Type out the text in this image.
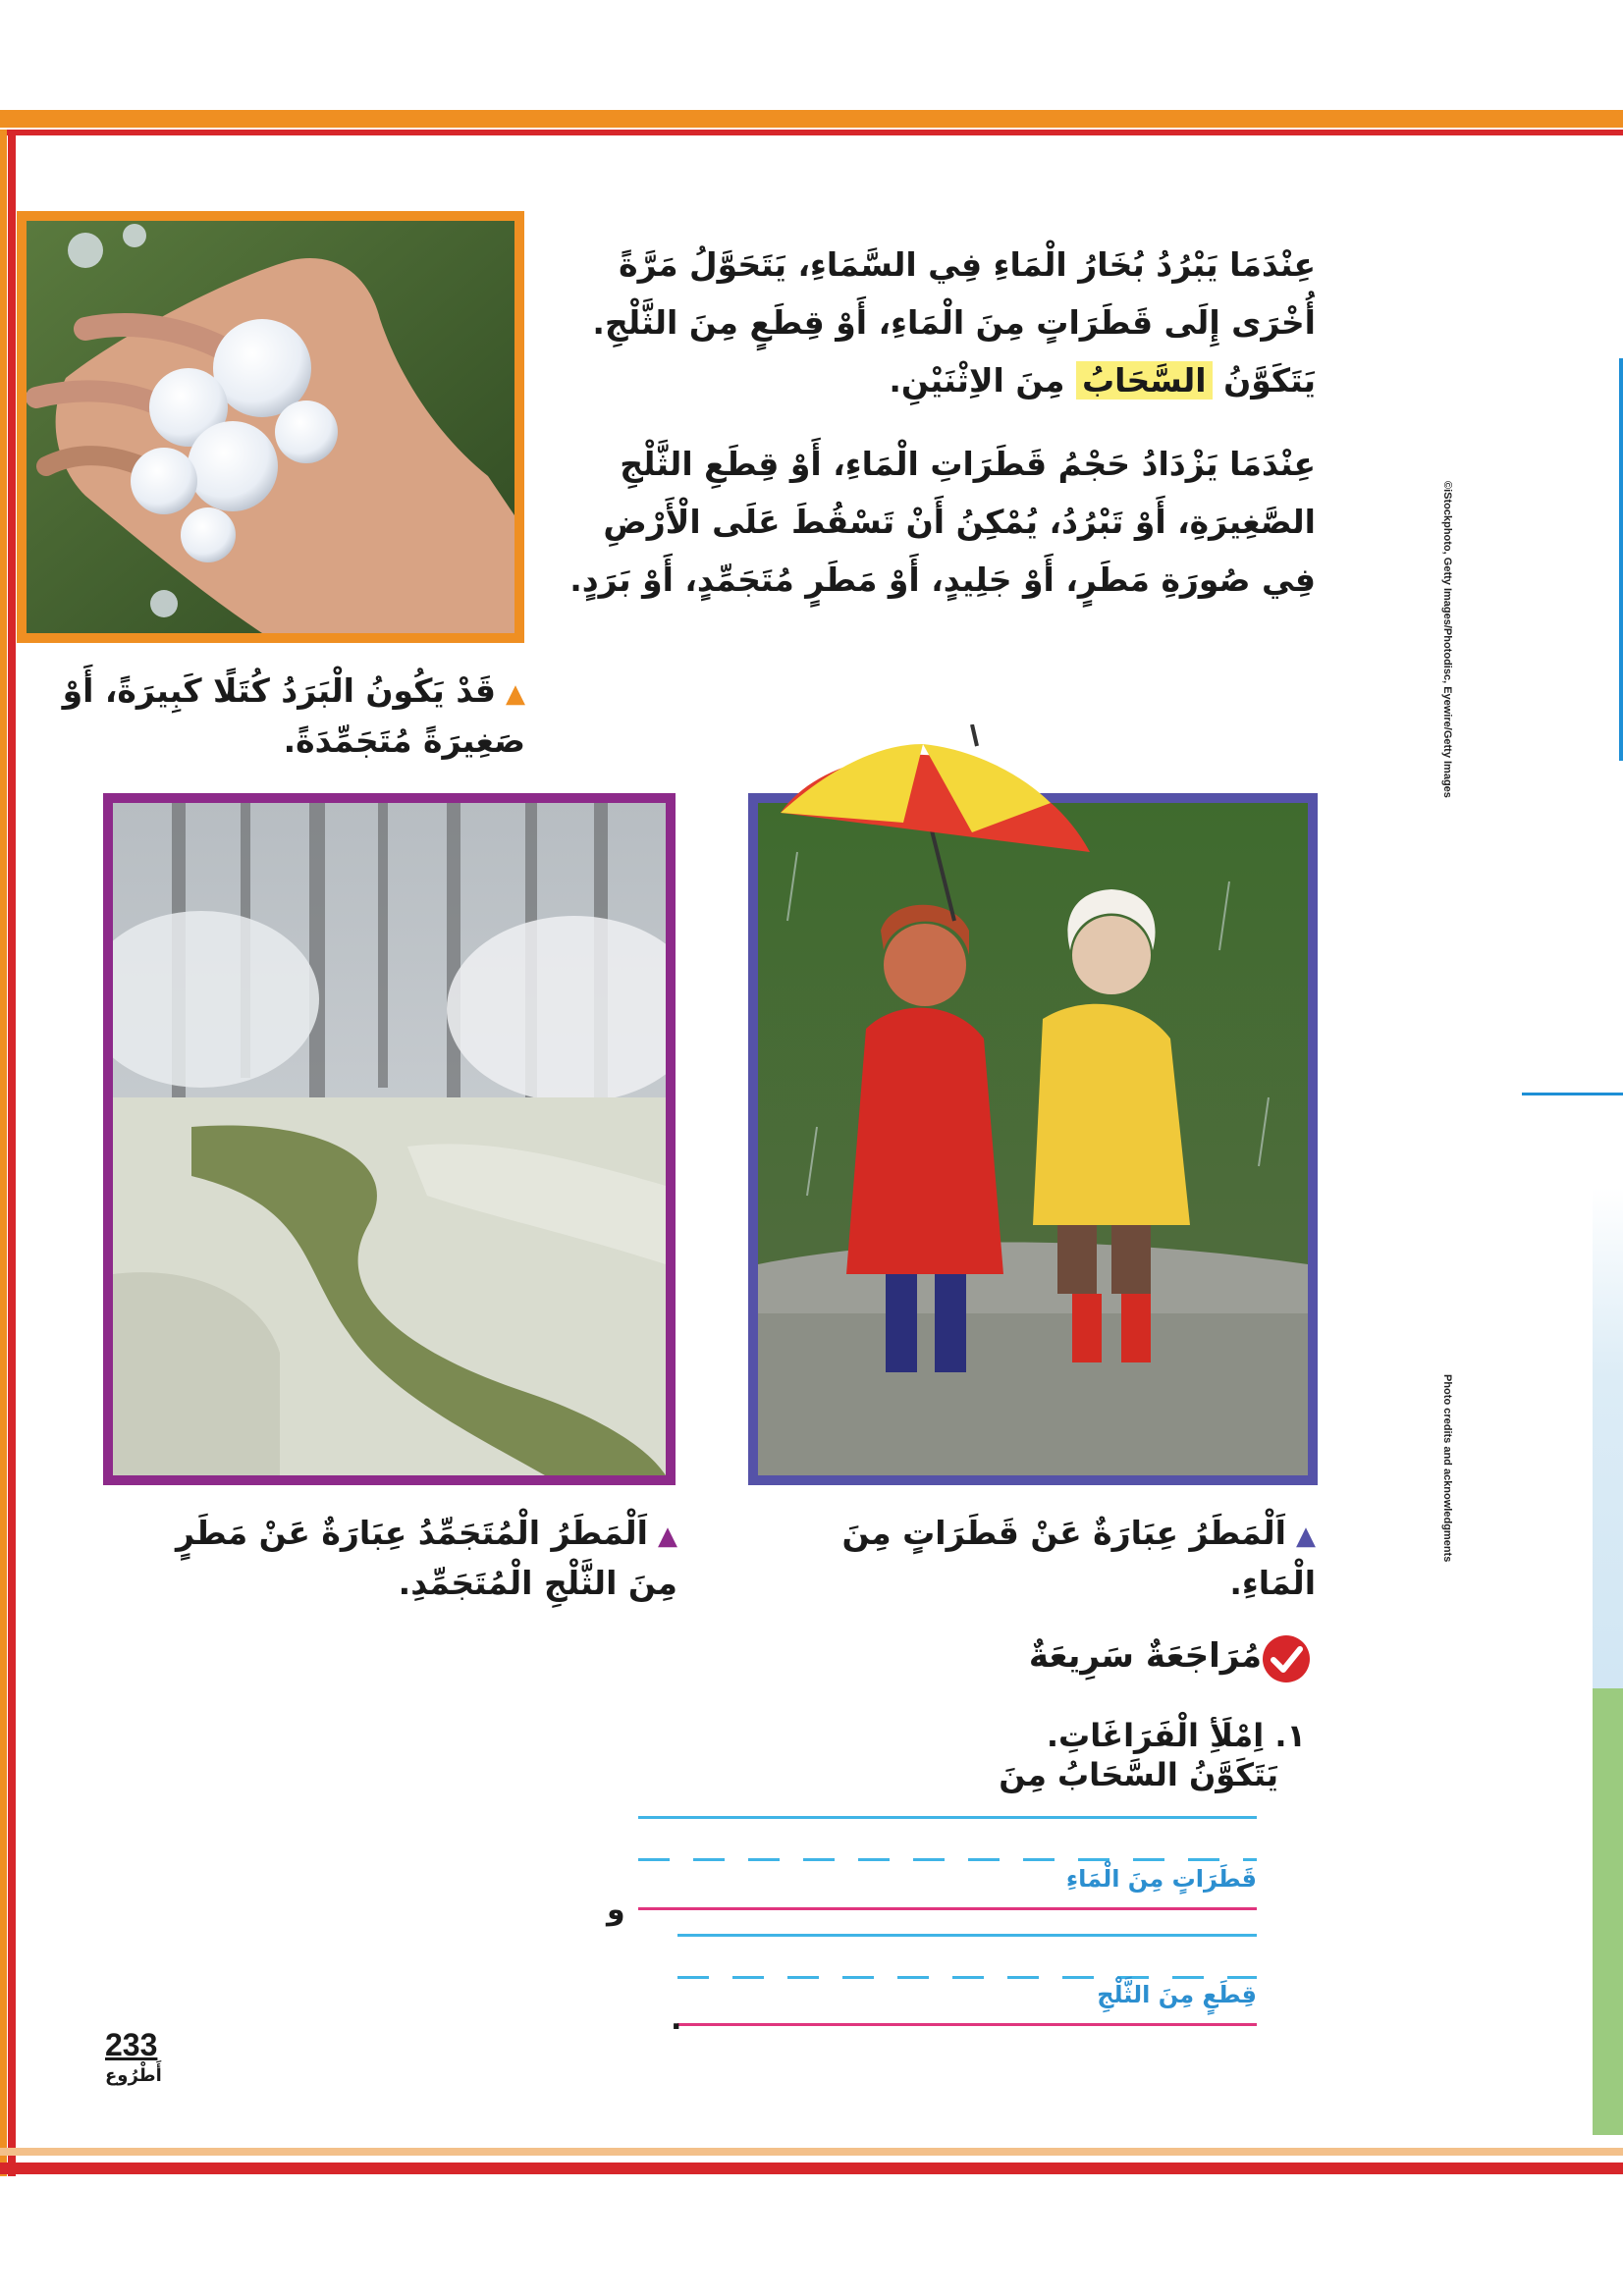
©iStockphoto, Getty Images/Photodisc, Eyewire/Getty Images
Photo credits and acknowledgments
▲قَدْ يَكُونُ الْبَرَدُ كُتَلًا كَبِيرَةً، أَوْ صَغِيرَةً مُتَجَمِّدَةً.
عِنْدَمَا يَبْرُدُ بُخَارُ الْمَاءِ فِي السَّمَاءِ، يَتَحَوَّلُ مَرَّةً أُخْرَى إِلَى قَطَرَاتٍ مِنَ الْمَاءِ، أَوْ قِطَعٍ مِنَ الثَّلْجِ. يَتَكَوَّنُ السَّحَابُ مِنَ الاِثْنَيْنِ.
عِنْدَمَا يَزْدَادُ حَجْمُ قَطَرَاتِ الْمَاءِ، أَوْ قِطَعِ الثَّلْجِ الصَّغِيرَةِ، أَوْ تَبْرُدُ، يُمْكِنُ أَنْ تَسْقُطَ عَلَى الْأَرْضِ فِي صُورَةِ مَطَرٍ، أَوْ جَلِيدٍ، أَوْ مَطَرٍ مُتَجَمِّدٍ، أَوْ بَرَدٍ.
▲اَلْمَطَرُ الْمُتَجَمِّدُ عِبَارَةٌ عَنْ مَطَرٍ مِنَ الثَّلْجِ الْمُتَجَمِّدِ.
▲اَلْمَطَرُ عِبَارَةٌ عَنْ قَطَرَاتٍ مِنَ الْمَاءِ.
مُرَاجَعَةٌ سَرِيعَةٌ
١. اِمْلَأِ الْفَرَاغَاتِ.
يَتَكَوَّنُ السَّحَابُ مِنَ
قَطَرَاتٍ مِنَ الْمَاءِ
و
قِطَعٍ مِنَ الثَّلْجِ
.
233
أَطْرُوع
